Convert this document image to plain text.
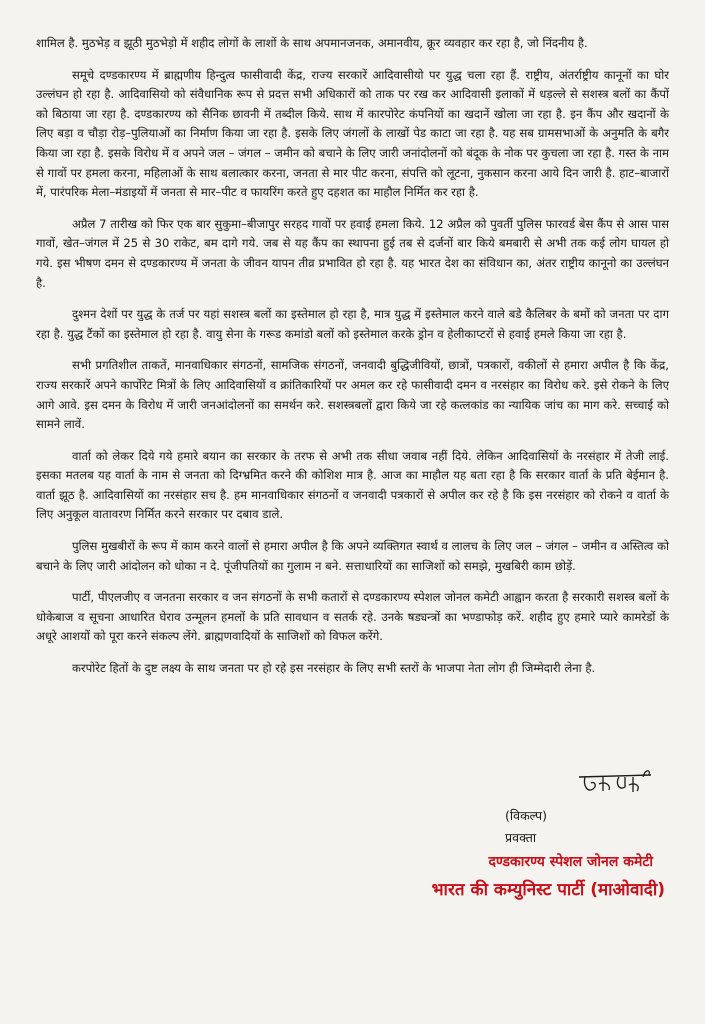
शामिल है. मुठभेड़ व झूठी मुठभेड़ो में शहीद लोगों के लाशों के साथ अपमानजनक, अमानवीय, क्रूर व्यवहार कर रहा है, जो निंदनीय है.

समूचे दण्डकारण्य में ब्राह्मणीय हिन्दुत्व फासीवादी केंद्र, राज्य सरकारें आदिवासीयो पर युद्ध चला रहा हैं. राष्ट्रीय, अंतर्राष्ट्रीय कानूनों का घोर उल्लंघन हो रहा है. आदिवासियो को संवैधानिक रूप से प्रदत्त सभी अधिकारों को ताक पर रख कर आदिवासी इलाकों में धड़ल्ले से सशस्त्र बलों का कैंपों को बिठाया जा रहा है. दण्डकारण्य को सैनिक छावनी में तब्दील किये. साथ में कारपोरेट कंपनियों का खदानें खोला जा रहा है. इन कैंप और खदानों के लिए बड़ा व चौड़ा रोड़–पुलियाओं का निर्माण किया जा रहा है. इसके लिए जंगलों के लाखों पेड काटा जा रहा है. यह सब ग्रामसभाओं के अनुमति के बगैर किया जा रहा है. इसके विरोध में व अपने जल – जंगल – जमीन को बचाने के लिए जारी जनांदोलनों को बंदूक के नोक पर कुचला जा रहा है. गस्त के नाम से गावों पर हमला करना, महिलाओं के साथ बलात्कार करना, जनता से मार पीट करना, संपत्ति को लूटना, नुकसान करना आये दिन जारी है. हाट–बाजारों में, पारंपरिक मेला–मंडाइयों में जनता से मार–पीट व फायरिंग करते हुए दहशत का माहौल निर्मित कर रहा है.

अप्रैल 7 तारीख को फिर एक बार सुकुमा–बीजापुर सरहद गावों पर हवाई हमला किये. 12 अप्रैल को पुवर्ती पुलिस फारवर्ड बेस कैंप से आस पास गावों, खेत–जंगल में 25 से 30 राकेट, बम दागे गये. जब से यह कैंप का स्थापना हुई तब से दर्जनों बार किये बमबारी से अभी तक कई लोग घायल हो गये. इस भीषण दमन से दण्डकारण्य में जनता के जीवन यापन तीव्र प्रभावित हो रहा है. यह भारत देश का संविधान का, अंतर राष्ट्रीय कानूनो का उल्लंघन है.

दुश्मन देशों पर युद्ध के तर्ज पर यहां सशस्त्र बलों का इस्तेमाल हो रहा है, मात्र युद्ध में इस्तेमाल करने वाले बडे कैलिबर के बमों को जनता पर दाग रहा है. युद्ध टैंकों का इस्तेमाल हो रहा है. वायु सेना के गरूड कमांडो बलों को इस्तेमाल करके ड्रोन व हेलीकाप्टरों से हवाई हमले किया जा रहा है.

सभी प्रगतिशील ताकतें, मानवाधिकार संगठनों, सामजिक संगठनों, जनवादी बुद्धिजीवियों, छात्रों, पत्रकारों, वकीलों से हमारा अपील है कि केंद्र, राज्य सरकारें अपने कार्पोरेट मित्रों के लिए आदिवासियों व क्रांतिकारियों पर अमल कर रहे फासीवादी दमन व नरसंहार का विरोध करे. इसे रोकने के लिए आगे आवे. इस दमन के विरोध में जारी जनआंदोलनों का समर्थन करे. सशस्त्रबलों द्वारा किये जा रहे कत्लकांड का न्यायिक जांच का माग करे. सच्चाई को सामने लावें.

वार्ता को लेकर दिये गये हमारे बयान का सरकार के तरफ से अभी तक सीधा जवाब नहीं दिये. लेकिन आदिवासियों के नरसंहार में तेजी लाई. इसका मतलब यह वार्ता के नाम से जनता को दिग्भ्रमित करने की कोशिश मात्र है. आज का माहौल यह बता रहा है कि सरकार वार्ता के प्रति बेईमान है. वार्ता झूठ है. आदिवासियों का नरसंहार सच है. हम मानवाधिकार संगठनों व जनवादी पत्रकारों से अपील कर रहे है कि इस नरसंहार को रोकने व वार्ता के लिए अनुकूल वातावरण निर्मित करने सरकार पर दबाव डाले.

पुलिस मुखबीरों के रूप में काम करने वालों से हमारा अपील है कि अपने व्यक्तिगत स्वार्थ व लालच के लिए जल – जंगल – जमीन व अस्तित्व को बचाने के लिए जारी आंदोलन को धोका न दे. पूंजीपतियों का गुलाम न बने. सत्ताधारियों का साजिशों को समझे, मुखबिरी काम छोड़ें.

पार्टी, पीएलजीए व जनतना सरकार व जन संगठनों के सभी कतारों से दण्डकारण्य स्पेशल जोनल कमेटी आह्वान करता है सरकारी सशस्त्र बलों के धोकेबाज व सूचना आधारित घेराव उन्मूलन हमलों के प्रति सावधान व सतर्क रहे. उनके षड्यन्त्रों का भण्डाफोड़ करें. शहीद हुए हमारे प्यारे कामरेडों के अधूरे आशयों को पूरा करने संकल्प लेंगे. ब्राह्मणवादियों के साजिशों को विफल करेंगे.

करपोरेट हितों के दुष्ट लक्ष्य के साथ जनता पर हो रहे इस नरसंहार के लिए सभी स्तरों के भाजपा नेता लोग ही जिम्मेदारी लेना है.

(विकल्प)
प्रवक्ता
दण्डकारण्य स्पेशल जोनल कमेटी
भारत की कम्युनिस्ट पार्टी (माओवादी)
